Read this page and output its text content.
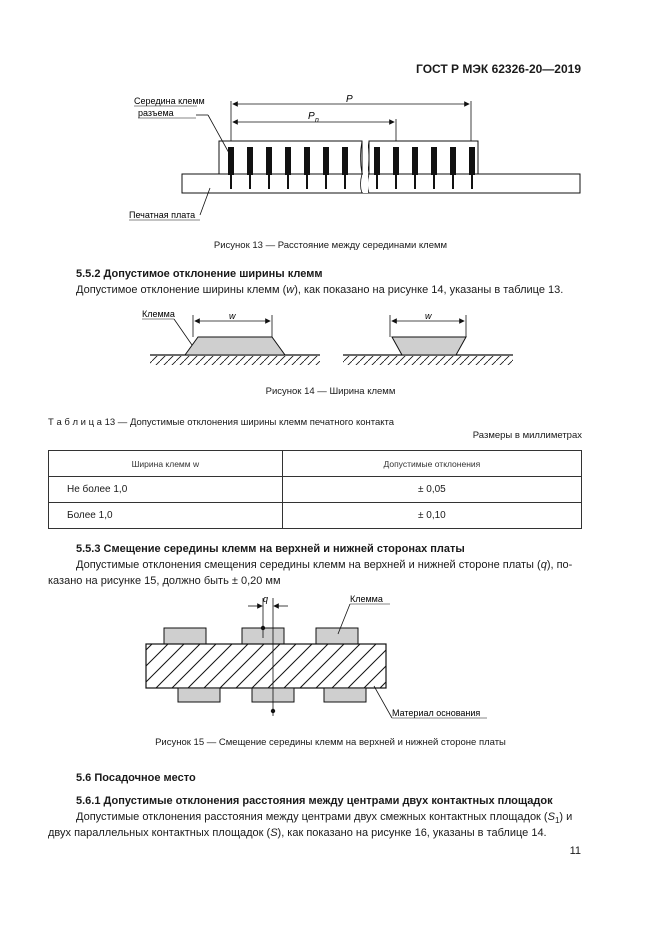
ГОСТ Р МЭК 62326-20—2019
P
P n
Середина клемм
разъема
Печатная плата
Рисунок 13 — Расстояние между серединами клемм
5.5.2 Допустимое отклонение ширины клемм
Допустимое отклонение ширины клемм (w), как показано на рисунке 14, указаны в таблице 13.
w
Клемма	w
Рисунок 14 — Ширина клемм
Т а б л и ц а 13 — Допустимые отклонения ширины клемм печатного контакта
Размеры в миллиметрах
Ширина клемм w	Допустимые отклонения
Не более 1,0	± 0,05
Более 1,0	± 0,10
5.5.3 Смещение середины клемм на верхней и нижней сторонах платы
Допустимые отклонения смещения середины клемм на верхней и нижней стороне платы (q), по-
казано на рисунке 15, должно быть ± 0,20 мм
q	Клемма
Материал основания
Рисунок 15 — Смещение середины клемм на верхней и нижней стороне платы
5.6 Посадочное место
5.6.1 Допустимые отклонения расстояния между центрами двух контактных площадок
Допустимые отклонения расстояния между центрами двух смежных контактных площадок $(S_1)$ и
двух параллельных контактных площадок (S), как показано на рисунке 16, указаны в таблице 14.
11
